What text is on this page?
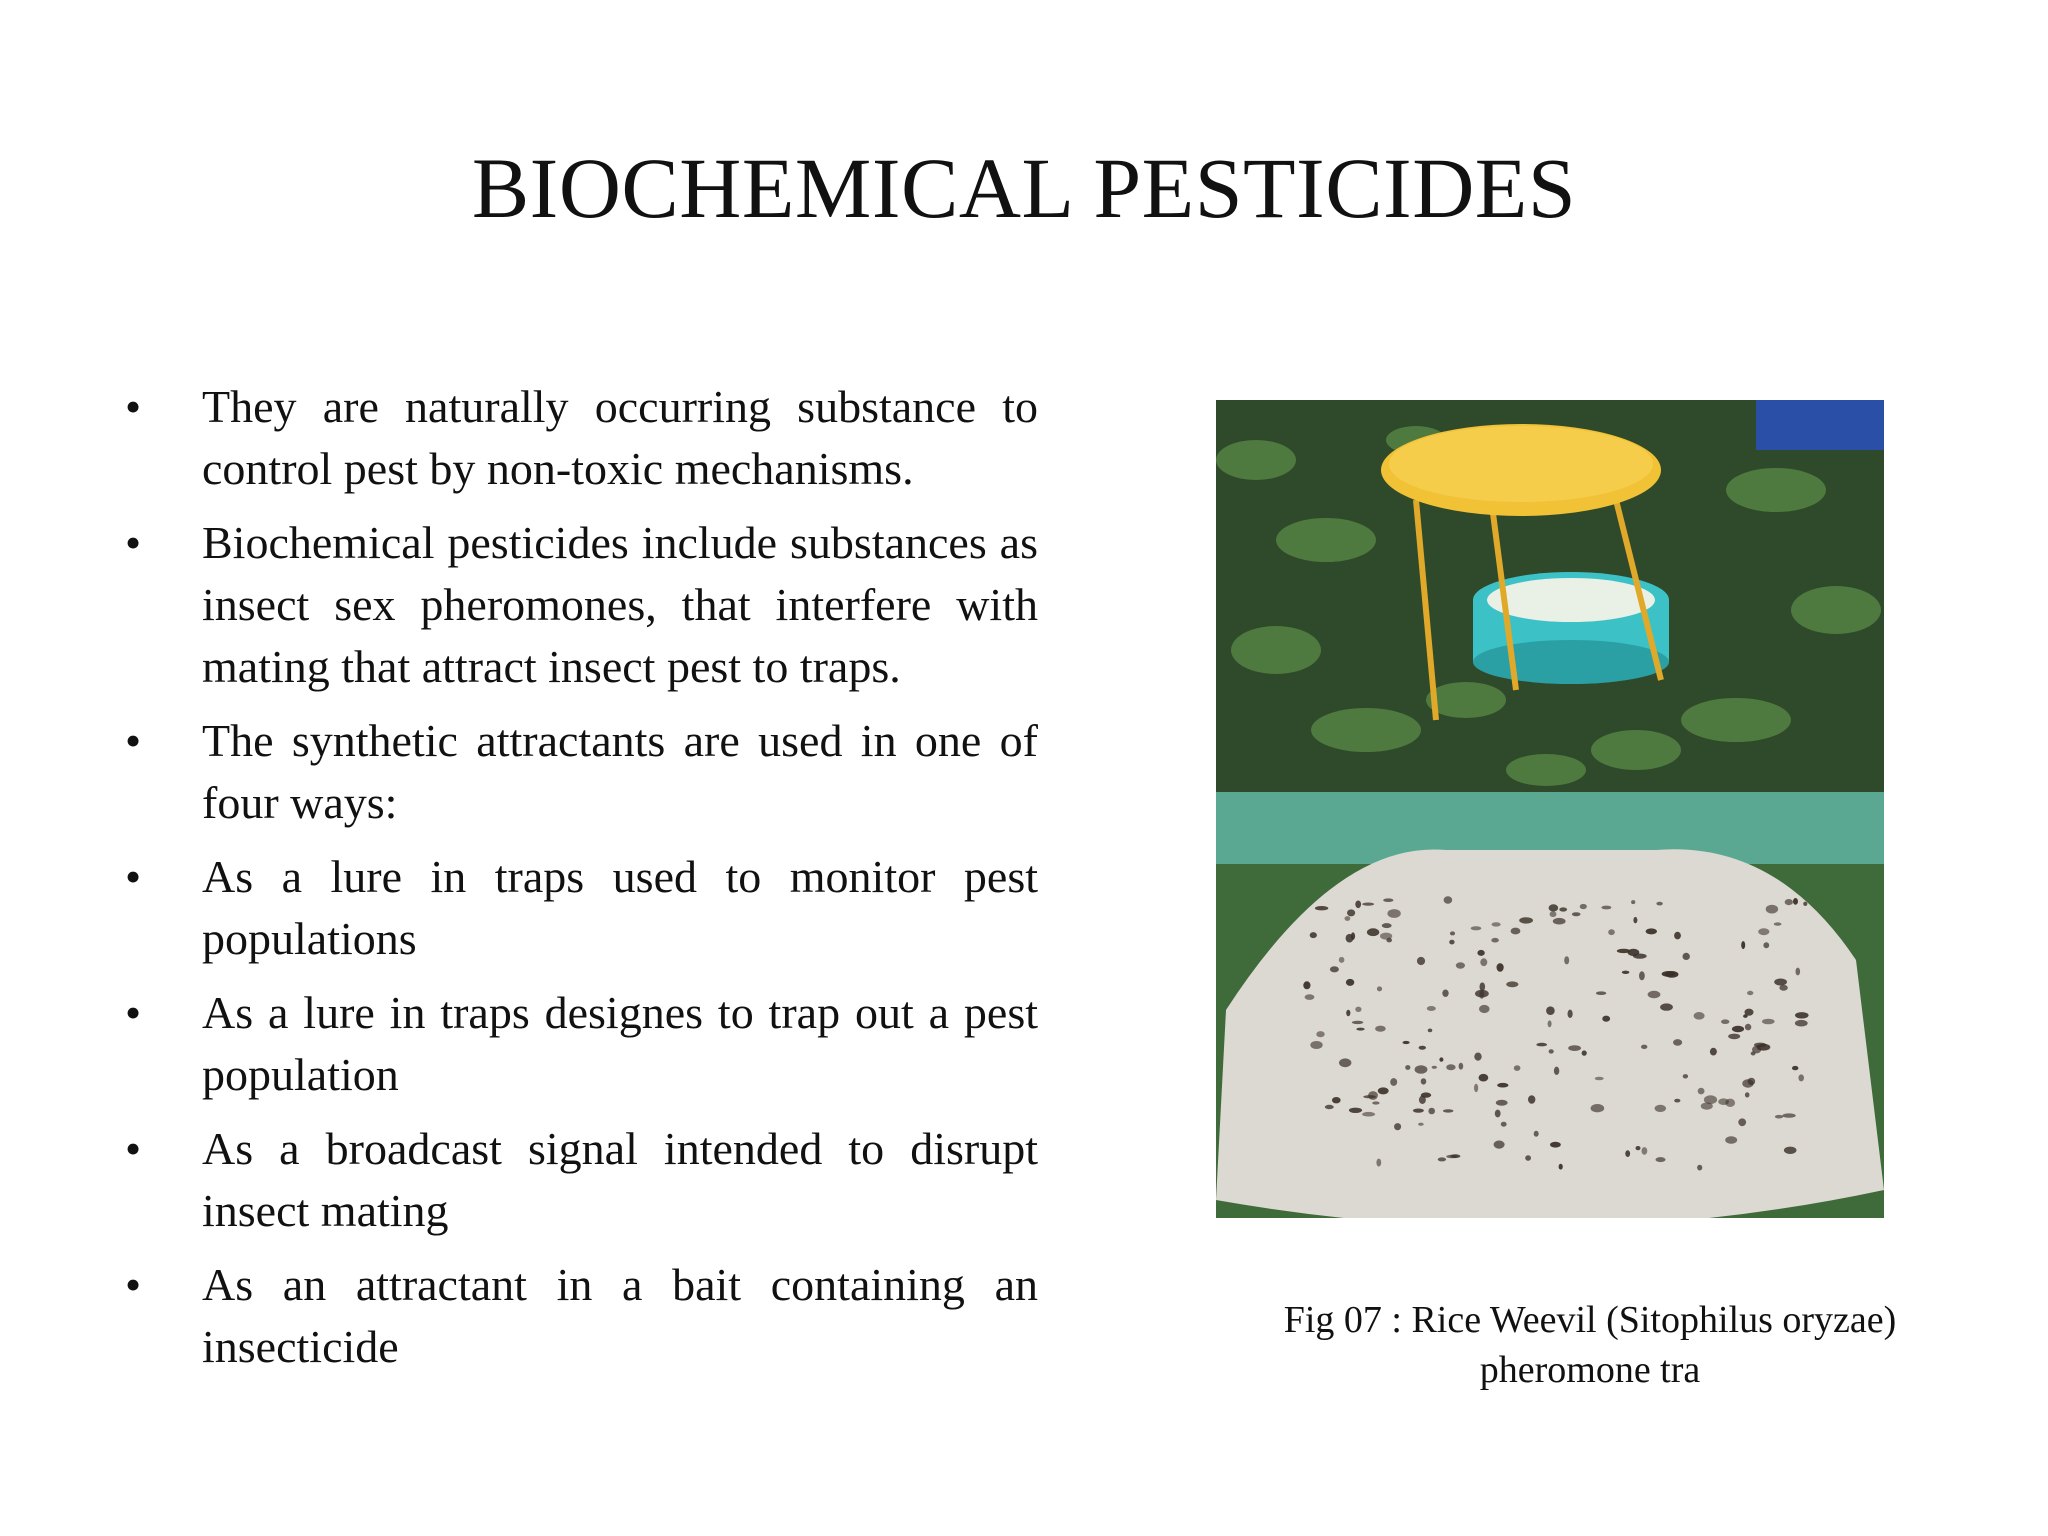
BIOCHEMICAL PESTICIDES
• They are naturally occurring substance to control pest by non-toxic mechanisms.
• Biochemical pesticides include substances as insect sex pheromones, that interfere with mating that attract insect pest to traps.
• The synthetic attractants are used in one of four ways:
• As a lure in traps used to monitor pest populations
• As a lure in traps designes to trap out a pest population
• As a broadcast signal intended to disrupt insect mating
• As an attractant in a bait containing an insecticide
Fig 07 : Rice Weevil (Sitophilus oryzae)
pheromone tra
